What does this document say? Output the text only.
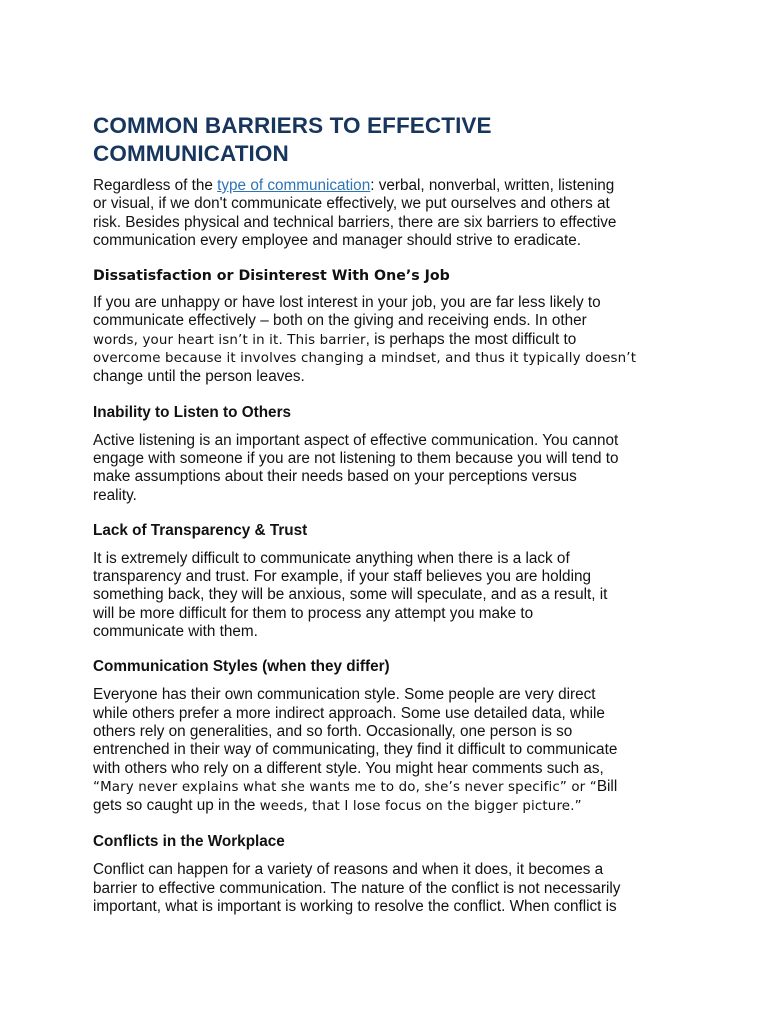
COMMON BARRIERS TO EFFECTIVE
COMMUNICATION

Regardless of the type of communication: verbal, nonverbal, written, listening
or visual, if we don't communicate effectively, we put ourselves and others at
risk. Besides physical and technical barriers, there are six barriers to effective
communication every employee and manager should strive to eradicate.

Dissatisfaction or Disinterest With One’s Job

If you are unhappy or have lost interest in your job, you are far less likely to
communicate effectively – both on the giving and receiving ends. In other
words, your heart isn’t in it. This barrier, is perhaps the most difficult to
overcome because it involves changing a mindset, and thus it typically doesn’t
change until the person leaves.

Inability to Listen to Others

Active listening is an important aspect of effective communication. You cannot
engage with someone if you are not listening to them because you will tend to
make assumptions about their needs based on your perceptions versus
reality.

Lack of Transparency & Trust

It is extremely difficult to communicate anything when there is a lack of
transparency and trust. For example, if your staff believes you are holding
something back, they will be anxious, some will speculate, and as a result, it
will be more difficult for them to process any attempt you make to
communicate with them.

Communication Styles (when they differ)

Everyone has their own communication style. Some people are very direct
while others prefer a more indirect approach. Some use detailed data, while
others rely on generalities, and so forth. Occasionally, one person is so
entrenched in their way of communicating, they find it difficult to communicate
with others who rely on a different style. You might hear comments such as,
“Mary never explains what she wants me to do, she’s never specific” or “Bill
gets so caught up in the weeds, that I lose focus on the bigger picture.”

Conflicts in the Workplace

Conflict can happen for a variety of reasons and when it does, it becomes a
barrier to effective communication. The nature of the conflict is not necessarily
important, what is important is working to resolve the conflict. When conflict is
